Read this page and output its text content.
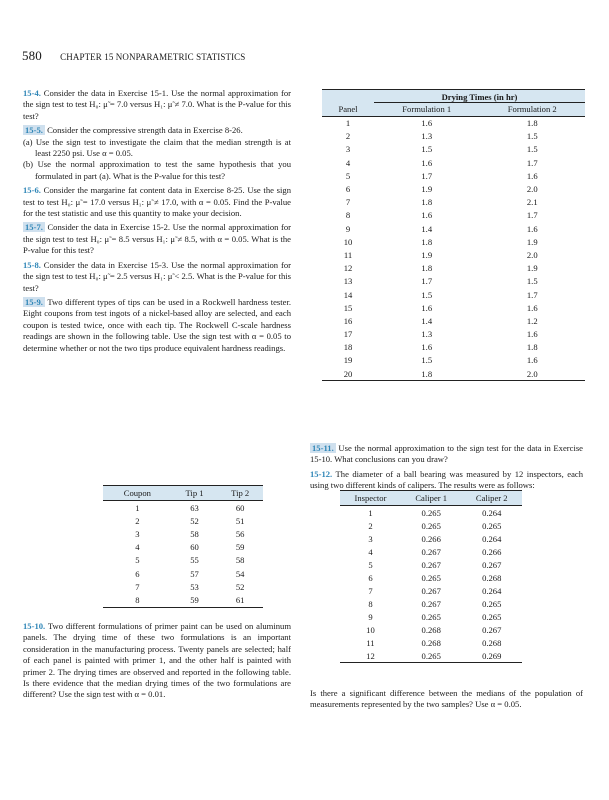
580 CHAPTER 15 NONPARAMETRIC STATISTICS

15-4. Consider the data in Exercise 15-1. Use the normal approximation for the sign test to test H₀: μ̃ = 7.0 versus H₁: μ̃ ≠ 7.0. What is the P-value for this test?

15-5. Consider the compressive strength data in Exercise 8-26.

(a) Use the sign test to investigate the claim that the median strength is at least 2250 psi. Use α = 0.05.

(b) Use the normal approximation to test the same hypothesis that you formulated in part (a). What is the P-value for this test?

15-6. Consider the margarine fat content data in Exercise 8-25. Use the sign test to test H₀: μ̃ = 17.0 versus H₁: μ̃ ≠ 17.0, with α = 0.05. Find the P-value for the test statistic and use this quantity to make your decision.

15-7. Consider the data in Exercise 15-2. Use the normal approximation for the sign test to test H₀: μ̃ = 8.5 versus H₁: μ̃ ≠ 8.5, with α = 0.05. What is the P-value for this test?

15-8. Consider the data in Exercise 15-3. Use the normal approximation for the sign test to test H₀: μ̃ = 2.5 versus H₁: μ̃ < 2.5. What is the P-value for this test?

15-9. Two different types of tips can be used in a Rockwell hardness tester. Eight coupons from test ingots of a nickel-based alloy are selected, and each coupon is tested twice, once with each tip. The Rockwell C-scale hardness readings are shown in the following table. Use the sign test with α = 0.05 to determine whether or not the two tips produce equivalent hardness readings.

Coupon	Tip 1	Tip 2
1	63	60
2	52	51
3	58	56
4	60	59
5	55	58
6	57	54
7	53	52
8	59	61

15-10. Two different formulations of primer paint can be used on aluminum panels. The drying time of these two formulations is an important consideration in the manufacturing process. Twenty panels are selected; half of each panel is painted with primer 1, and the other half is painted with primer 2. The drying times are observed and reported in the following table. Is there evidence that the median drying times of the two formulations are different? Use the sign test with α = 0.01.

	Drying Times (in hr)	
Panel	Formulation 1	Formulation 2
1	1.6	1.8
2	1.3	1.5
3	1.5	1.5
4	1.6	1.7
5	1.7	1.6
6	1.9	2.0
7	1.8	2.1
8	1.6	1.7
9	1.4	1.6
10	1.8	1.9
11	1.9	2.0
12	1.8	1.9
13	1.7	1.5
14	1.5	1.7
15	1.6	1.6
16	1.4	1.2
17	1.3	1.6
18	1.6	1.8
19	1.5	1.6
20	1.8	2.0

15-11. Use the normal approximation to the sign test for the data in Exercise 15-10. What conclusions can you draw?

15-12. The diameter of a ball bearing was measured by 12 inspectors, each using two different kinds of calipers. The results were as follows:

Inspector	Caliper 1	Caliper 2
1	0.265	0.264
2	0.265	0.265
3	0.266	0.264
4	0.267	0.266
5	0.267	0.267
6	0.265	0.268
7	0.267	0.264
8	0.267	0.265
9	0.265	0.265
10	0.268	0.267
11	0.268	0.268
12	0.265	0.269

Is there a significant difference between the medians of the population of measurements represented by the two samples? Use α = 0.05.
